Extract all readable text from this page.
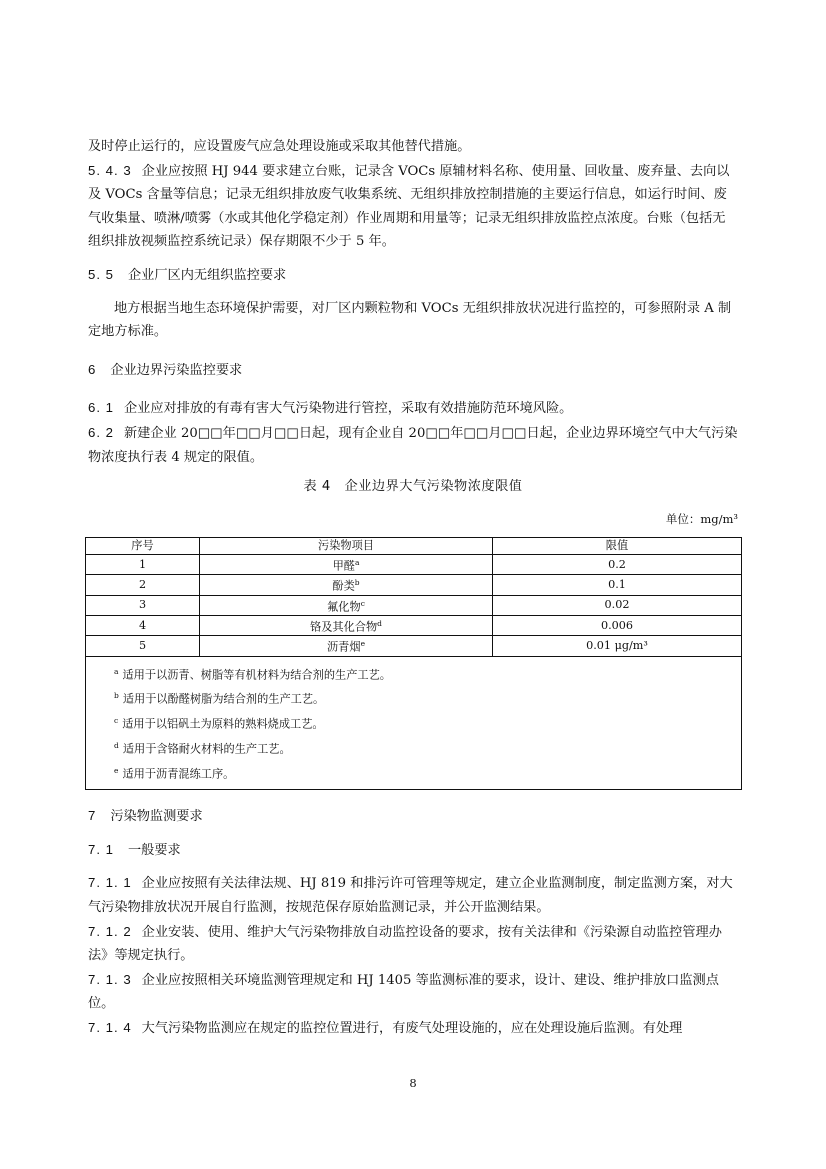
及时停止运行的，应设置废气应急处理设施或采取其他替代措施。

5. 4. 3 企业应按照 HJ 944 要求建立台账，记录含 VOCs 原辅材料名称、使用量、回收量、废弃量、去向以及 VOCs 含量等信息；记录无组织排放废气收集系统、无组织排放控制措施的主要运行信息，如运行时间、废气收集量、喷淋/喷雾（水或其他化学稳定剂）作业周期和用量等；记录无组织排放监控点浓度。台账（包括无组织排放视频监控系统记录）保存期限不少于 5 年。

5. 5 企业厂区内无组织监控要求

地方根据当地生态环境保护需要，对厂区内颗粒物和 VOCs 无组织排放状况进行监控的，可参照附录 A 制定地方标准。

6 企业边界污染监控要求

6. 1 企业应对排放的有毒有害大气污染物进行管控，采取有效措施防范环境风险。

6. 2 新建企业 20□□年□□月□□日起，现有企业自 20□□年□□月□□日起，企业边界环境空气中大气污染物浓度执行表 4 规定的限值。

表 4　企业边界大气污染物浓度限值

单位：mg/m³

序号	污染物项目	限值
1	甲醛$^a$	0.2
2	酚类$^b$	0.1
3	氟化物$^c$	0.02
4	铬及其化合物$^d$	0.006
5	沥青烟$^e$	0.01 μg/m³

$^a$ 适用于以沥青、树脂等有机材料为结合剂的生产工艺。
$^b$ 适用于以酚醛树脂为结合剂的生产工艺。
$^c$ 适用于以铝矾土为原料的熟料烧成工艺。
$^d$ 适用于含铬耐火材料的生产工艺。
$^e$ 适用于沥青混练工序。		

7 污染物监测要求

7. 1 一般要求

7. 1. 1 企业应按照有关法律法规、HJ 819 和排污许可管理等规定，建立企业监测制度，制定监测方案，对大气污染物排放状况开展自行监测，按规范保存原始监测记录，并公开监测结果。

7. 1. 2 企业安装、使用、维护大气污染物排放自动监控设备的要求，按有关法律和《污染源自动监控管理办法》等规定执行。

7. 1. 3 企业应按照相关环境监测管理规定和 HJ 1405 等监测标准的要求，设计、建设、维护排放口监测点位。

7. 1. 4 大气污染物监测应在规定的监控位置进行，有废气处理设施的，应在处理设施后监测。有处理

8
